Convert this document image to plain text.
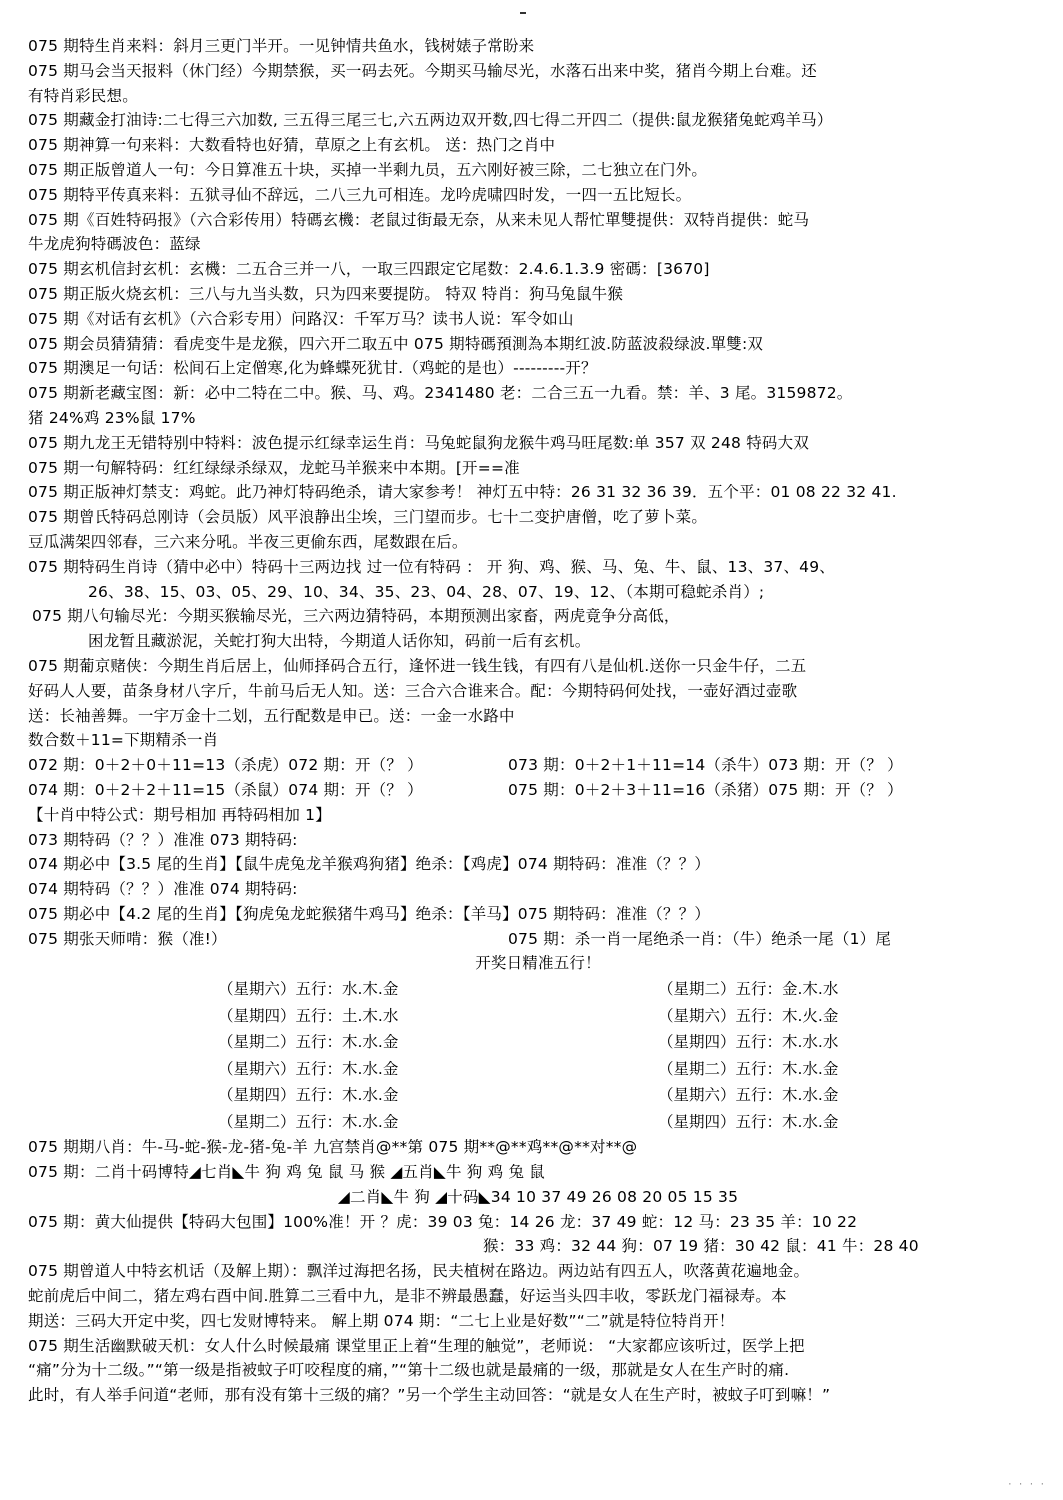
075 期特生肖来料：斜月三更门半开。一见钟情共鱼水，钱树婊子常盼来
075 期马会当天报料（休门经）今期禁猴，买一码去死。今期买马输尽光，水落石出来中奖，猪肖今期上台难。还
有特肖彩民想。
075 期藏金打油诗:二七得三六加数, 三五得三尾三七,六五两边双开数,四七得二开四二（提供:鼠龙猴猪兔蛇鸡羊马）
075 期神算一句来料：大数看特也好猜，草原之上有玄机。 送：热门之肖中
075 期正版曾道人一句：今日算准五十块，买掉一半剩九员，五六刚好被三除，二七独立在门外。
075 期特平传真来料：五狱寻仙不辞远，二八三九可相连。龙吟虎啸四时发，一四一五比短长。
075 期《百姓特码报》（六合彩传用）特碼玄機：老鼠过街最无奈，从来未见人帮忙單雙提供：双特肖提供：蛇马
牛龙虎狗特碼波色：蓝绿
075 期玄机信封玄机：玄機：二五合三并一八，一取三四跟定它尾数：2.4.6.1.3.9 密碼：[3670]
075 期正版火烧玄机：三八与九当头数，只为四来要提防。 特双 特肖：狗马兔鼠牛猴
075 期《对话有玄机》（六合彩专用）问路汉：千军万马？读书人说：军令如山
075 期会员猜猜猜：看虎变牛是龙猴，四六开二取五中 075 期特碼預測為本期红波.防蓝波殺绿波.單雙:双
075 期澳足一句话：松间石上定僧寒,化为蜂蝶死犹甘.（鸡蛇的是也）---------开？
075 期新老藏宝图：新：必中二特在二中。猴、马、鸡。2341480 老：二合三五一九看。禁：羊、3 尾。3159872。
猪 24%鸡 23%鼠 17%
075 期九龙王无错特别中特料：波色提示红绿幸运生肖：马兔蛇鼠狗龙猴牛鸡马旺尾数:单 357 双 248 特码大双
075 期一句解特码：红红绿绿杀绿双，龙蛇马羊猴来中本期。[开==准
075 期正版神灯禁支：鸡蛇。此乃神灯特码绝杀，请大家参考！ 神灯五中特：26 31 32 36 39．五个平：01 08 22 32 41.
075 期曾氏特码总刚诗（会员版）风平浪静出尘埃，三门望而步。七十二变护唐僧，吃了萝卜菜。
豆瓜满架四邻春，三六来分吼。半夜三更偷东西，尾数跟在后。
075 期特码生肖诗（猜中必中）特码十三两边找 过一位有特码 ： 开 狗、鸡、猴、马、兔、牛、鼠、13、37、49、
26、38、15、03、05、29、10、34、35、23、04、28、07、19、12、（本期可稳蛇杀肖）;
075 期八句输尽光：今期买猴输尽光，三六两边猜特码，本期预测出家畜，两虎竟争分高低，
困龙暂且藏淤泥，关蛇打狗大出特，今期道人话你知，码前一后有玄机。
075 期葡京赌侠：今期生肖后居上，仙师择码合五行，逢怀进一钱生钱，有四有八是仙机.送你一只金牛仔，二五
好码人人要，苗条身材八字斤，牛前马后无人知。送：三合六合谁来合。配：今期特码何处找，一壶好酒过壶歌
送：长袖善舞。一宇万金十二划，五行配数是申已。送：一金一水路中
数合数＋11=下期精杀一肖
072 期：0＋2＋0＋11=13（杀虎）072 期：开（？ ）	073 期：0＋2＋1＋11=14（杀牛）073 期：开（？ ）
074 期：0＋2＋2＋11=15（杀鼠）074 期：开（？ ）	075 期：0＋2＋3＋11=16（杀猪）075 期：开（？ ）
【十肖中特公式：期号相加 再特码相加 1】
073 期特码（？？）准准 073 期特码:
074 期必中【3.5 尾的生肖】【鼠牛虎兔龙羊猴鸡狗猪】绝杀：【鸡虎】074 期特码：准准（？？）
074 期特码（？？）准准 074 期特码:
075 期必中【4.2 尾的生肖】【狗虎兔龙蛇猴猪牛鸡马】绝杀：【羊马】075 期特码：准准（？？）
075 期张天师啃：猴（准!）	075 期：杀一肖一尾绝杀一肖：（牛）绝杀一尾（1）尾
开奖日精准五行！
（星期六）五行：水.木.金	（星期二）五行：金.木.水
（星期四）五行：土.木.水	（星期六）五行：木.火.金
（星期二）五行：木.水.金	（星期四）五行：木.水.水
（星期六）五行：木.水.金	（星期二）五行：木.水.金
（星期四）五行：木.水.金	（星期六）五行：木.水.金
（星期二）五行：木.水.金	（星期四）五行：木.水.金
075 期期八肖：牛-马-蛇-猴-龙-猪-兔-羊 九宫禁肖@**第 075 期**@**鸡**@**对**@
075 期：二肖十码博特◢七肖◣牛 狗 鸡 兔 鼠 马 猴 ◢五肖◣牛 狗 鸡 兔 鼠
◢二肖◣牛 狗 ◢十码◣34 10 37 49 26 08 20 05 15 35
075 期：黄大仙提供【特码大包围】100%准！开 ？虎：39 03 兔：14 26 龙：37 49 蛇：12 马：23 35 羊：10 22
猴：33 鸡：32 44 狗：07 19 猪：30 42 鼠：41 牛：28 40
075 期曾道人中特玄机话（及解上期）：飘洋过海把名扬，民夫植树在路边。两边站有四五人，吹落黄花遍地金。
蛇前虎后中间二，猪左鸡右酉中间.胜算二三看中九，是非不辨最愚蠢，好运当头四丰收，零跃龙门福禄寿。本
期送：三码大开定中奖，四七发财博特来。 解上期 074 期：“二七上业是好数”“二”就是特位特肖开！
075 期生活幽默破天机：女人什么时候最痛 课堂里正上着“生理的触觉”，老师说： “大家都应该听过，医学上把
“痛”分为十二级。”“第一级是指被蚊子叮咬程度的痛，”“第十二级也就是最痛的一级，那就是女人在生产时的痛.
此时，有人举手问道“老师，那有没有第十三级的痛？”另一个学生主动回答：“就是女人在生产时，被蚊子叮到嘛！”
· · · ·
